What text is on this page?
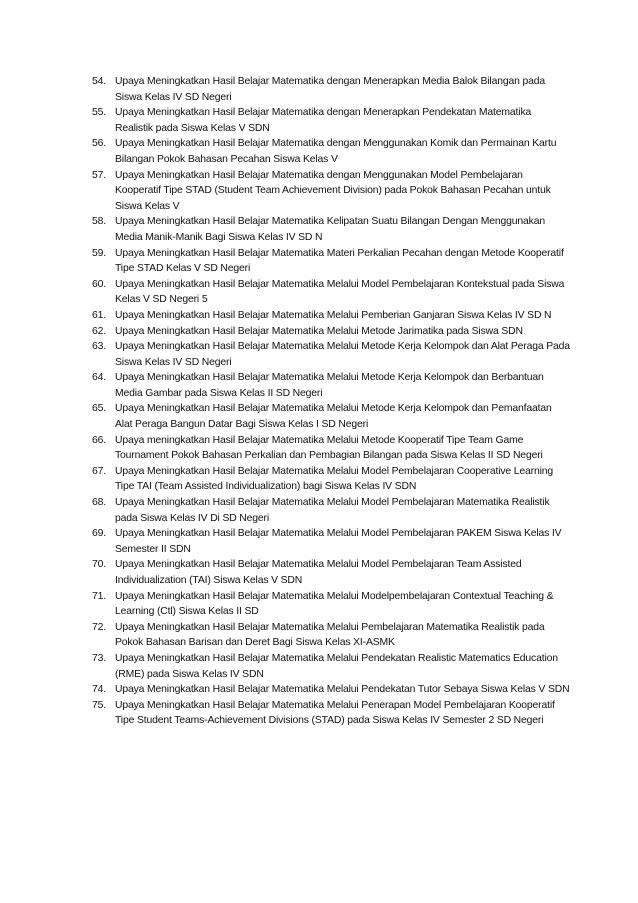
54. Upaya Meningkatkan Hasil Belajar Matematika dengan Menerapkan Media Balok Bilangan pada Siswa Kelas IV SD Negeri
55. Upaya Meningkatkan Hasil Belajar Matematika dengan Menerapkan Pendekatan Matematika Realistik pada Siswa Kelas V SDN
56. Upaya Meningkatkan Hasil Belajar Matematika dengan Menggunakan Komik dan Permainan Kartu Bilangan Pokok Bahasan Pecahan Siswa Kelas V
57. Upaya Meningkatkan Hasil Belajar Matematika dengan Menggunakan Model Pembelajaran Kooperatif Tipe STAD (Student Team Achievement Division) pada Pokok Bahasan Pecahan untuk Siswa Kelas V
58. Upaya Meningkatkan Hasil Belajar Matematika Kelipatan Suatu Bilangan Dengan Menggunakan Media Manik-Manik Bagi Siswa Kelas IV SD N
59. Upaya Meningkatkan Hasil Belajar Matematika Materi Perkalian Pecahan dengan Metode Kooperatif Tipe STAD Kelas V SD Negeri
60. Upaya Meningkatkan Hasil Belajar Matematika Melalui Model Pembelajaran Kontekstual pada Siswa Kelas V SD Negeri 5
61. Upaya Meningkatkan Hasil Belajar Matematika Melalui Pemberian Ganjaran Siswa Kelas IV SD N
62. Upaya Meningkatkan Hasil Belajar Matematika Melalui Metode Jarimatika pada Siswa SDN
63. Upaya Meningkatkan Hasil Belajar Matematika Melalui Metode Kerja Kelompok dan Alat Peraga Pada Siswa Kelas IV SD Negeri
64. Upaya Meningkatkan Hasil Belajar Matematika Melalui Metode Kerja Kelompok dan Berbantuan Media Gambar pada Siswa Kelas II SD Negeri
65. Upaya Meningkatkan Hasil Belajar Matematika Melalui Metode Kerja Kelompok dan Pemanfaatan Alat Peraga Bangun Datar Bagi Siswa Kelas I SD Negeri
66. Upaya meningkatkan Hasil Belajar Matematika Melalui Metode Kooperatif Tipe Team Game Tournament Pokok Bahasan Perkalian dan Pembagian Bilangan pada Siswa Kelas II SD Negeri
67. Upaya Meningkatkan Hasil Belajar Matematika Melalui Model Pembelajaran Cooperative Learning Tipe TAI (Team Assisted Individualization) bagi Siswa Kelas IV SDN
68. Upaya Meningkatkan Hasil Belajar Matematika Melalui Model Pembelajaran Matematika Realistik pada Siswa Kelas IV Di SD Negeri
69. Upaya Meningkatkan Hasil Belajar Matematika Melalui Model Pembelajaran PAKEM Siswa Kelas IV Semester II SDN
70. Upaya Meningkatkan Hasil Belajar Matematika Melalui Model Pembelajaran Team Assisted Individualization (TAI) Siswa Kelas V SDN
71. Upaya Meningkatkan Hasil Belajar Matematika Melalui Modelpembelajaran Contextual Teaching & Learning (Ctl) Siswa Kelas II SD
72. Upaya Meningkatkan Hasil Belajar Matematika Melalui Pembelajaran Matematika Realistik pada Pokok Bahasan Barisan dan Deret Bagi Siswa Kelas XI-ASMK
73. Upaya Meningkatkan Hasil Belajar Matematika Melalui Pendekatan Realistic Matematics Education (RME) pada Siswa Kelas IV SDN
74. Upaya Meningkatkan Hasil Belajar Matematika Melalui Pendekatan Tutor Sebaya Siswa Kelas V SDN
75. Upaya Meningkatkan Hasil Belajar Matematika Melalui Penerapan Model Pembelajaran Kooperatif Tipe Student Teams-Achievement Divisions (STAD) pada Siswa Kelas IV Semester 2 SD Negeri
